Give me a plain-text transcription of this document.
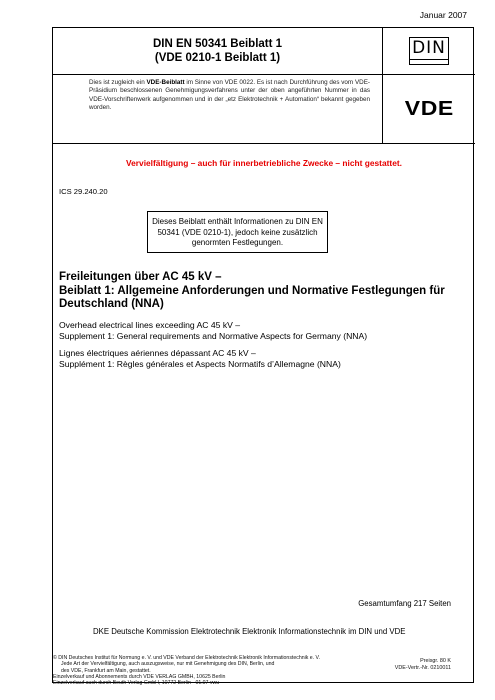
Januar 2007
DIN EN 50341 Beiblatt 1
(VDE 0210-1 Beiblatt 1)	DIN
Dies ist zugleich ein VDE-Beiblatt im Sinne von VDE 0022. Es ist nach Durchführung des vom VDE-Präsidium beschlossenen Genehmigungsverfahrens unter der oben angeführten Nummer in das VDE-Vorschriftenwerk aufgenommen und in der „etz Elektrotechnik + Automation“ bekannt gegeben worden.	VDE
Vervielfältigung – auch für innerbetriebliche Zwecke – nicht gestattet.
ICS 29.240.20
Dieses Beiblatt enthält Informationen zu DIN EN 50341 (VDE 0210-1), jedoch keine zusätzlich genormten Festlegungen.
Freileitungen über AC 45 kV –
Beiblatt 1: Allgemeine Anforderungen und Normative Festlegungen für Deutschland (NNA)
Overhead electrical lines exceeding AC 45 kV –
Supplement 1: General requirements and Normative Aspects for Germany (NNA)
Lignes électriques aériennes dépassant AC 45 kV –
Supplément 1: Règles générales et Aspects Normatifs d’Allemagne (NNA)
Gesamtumfang 217 Seiten
DKE Deutsche Kommission Elektrotechnik Elektronik Informationstechnik im DIN und VDE
© DIN Deutsches Institut für Normung e. V. und VDE Verband der Elektrotechnik Elektronik Informationstechnik e. V.
Jede Art der Vervielfältigung, auch auszugsweise, nur mit Genehmigung des DIN, Berlin, und
des VDE, Frankfurt am Main, gestattet.
Einzelverkauf und Abonnements durch VDE VERLAG GMBH, 10625 Berlin
Einzelverkauf auch durch Beuth Verlag GmbH, 10772 Berlin · 01.07 vwu
Preisgr. 80 K
VDE-Vertr.-Nr. 0210011
